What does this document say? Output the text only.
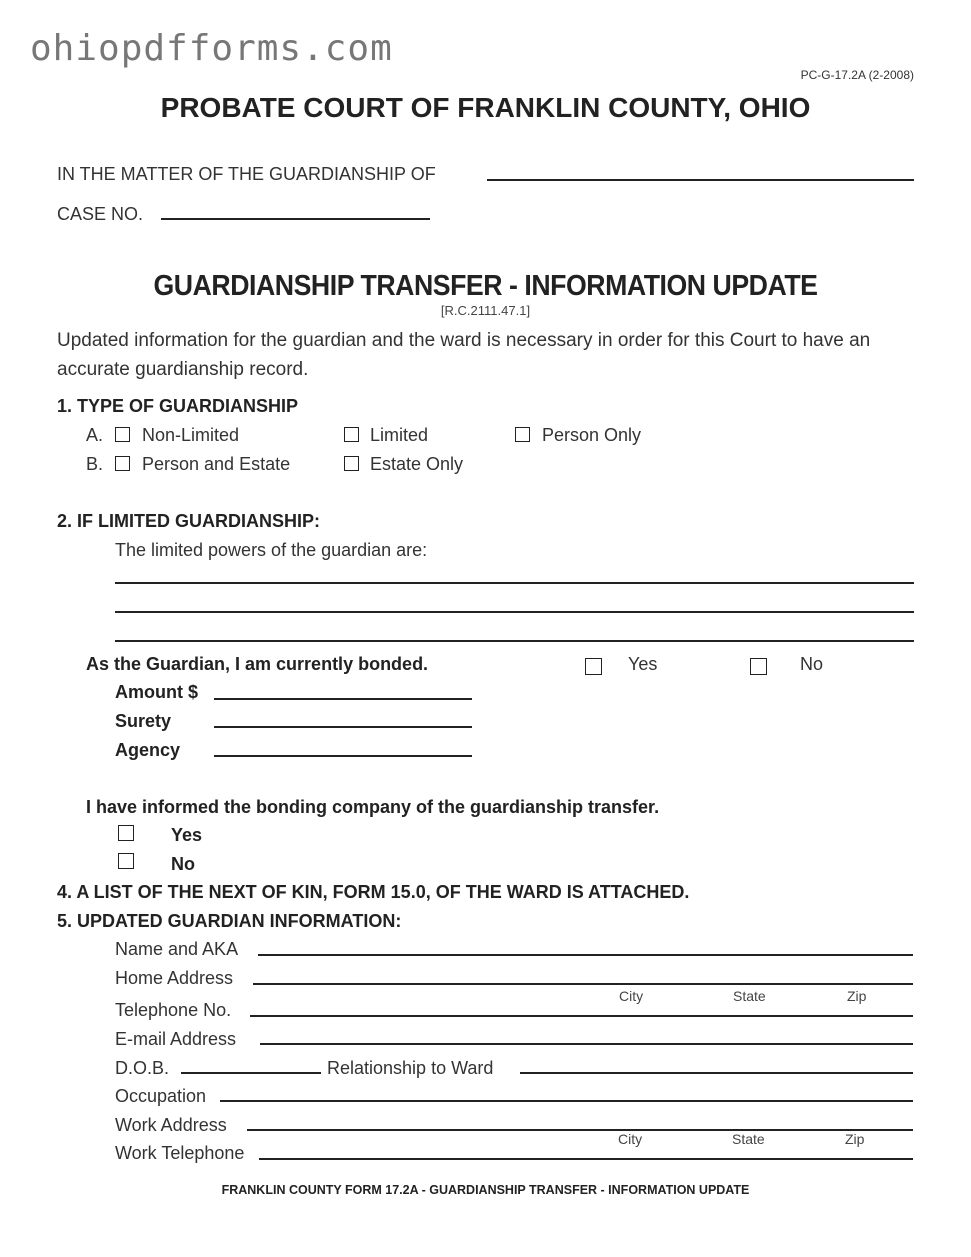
ohiopdfforms.com
PC-G-17.2A (2-2008)
PROBATE COURT OF FRANKLIN COUNTY, OHIO
IN THE MATTER OF THE GUARDIANSHIP OF
CASE NO.
GUARDIANSHIP TRANSFER - INFORMATION UPDATE
[R.C.2111.47.1]
Updated information for the guardian and the ward is necessary in order for this Court to have an accurate guardianship record.
1. TYPE OF GUARDIANSHIP
A. Non-Limited	Limited	Person Only
B. Person and Estate	Estate Only
2. IF LIMITED GUARDIANSHIP:
The limited powers of the guardian are:
As the Guardian, I am currently bonded.	Yes	No
Amount $
Surety
Agency
I have informed the bonding company of the guardianship transfer.
Yes
No
4. A LIST OF THE NEXT OF KIN, FORM 15.0, OF THE WARD IS ATTACHED.
5. UPDATED GUARDIAN INFORMATION:
Name and AKA
Home Address
City	State	Zip
Telephone No.
E-mail Address
D.O.B.	Relationship to Ward
Occupation
Work Address
City	State	Zip
Work Telephone
FRANKLIN COUNTY FORM 17.2A - GUARDIANSHIP TRANSFER - INFORMATION UPDATE
